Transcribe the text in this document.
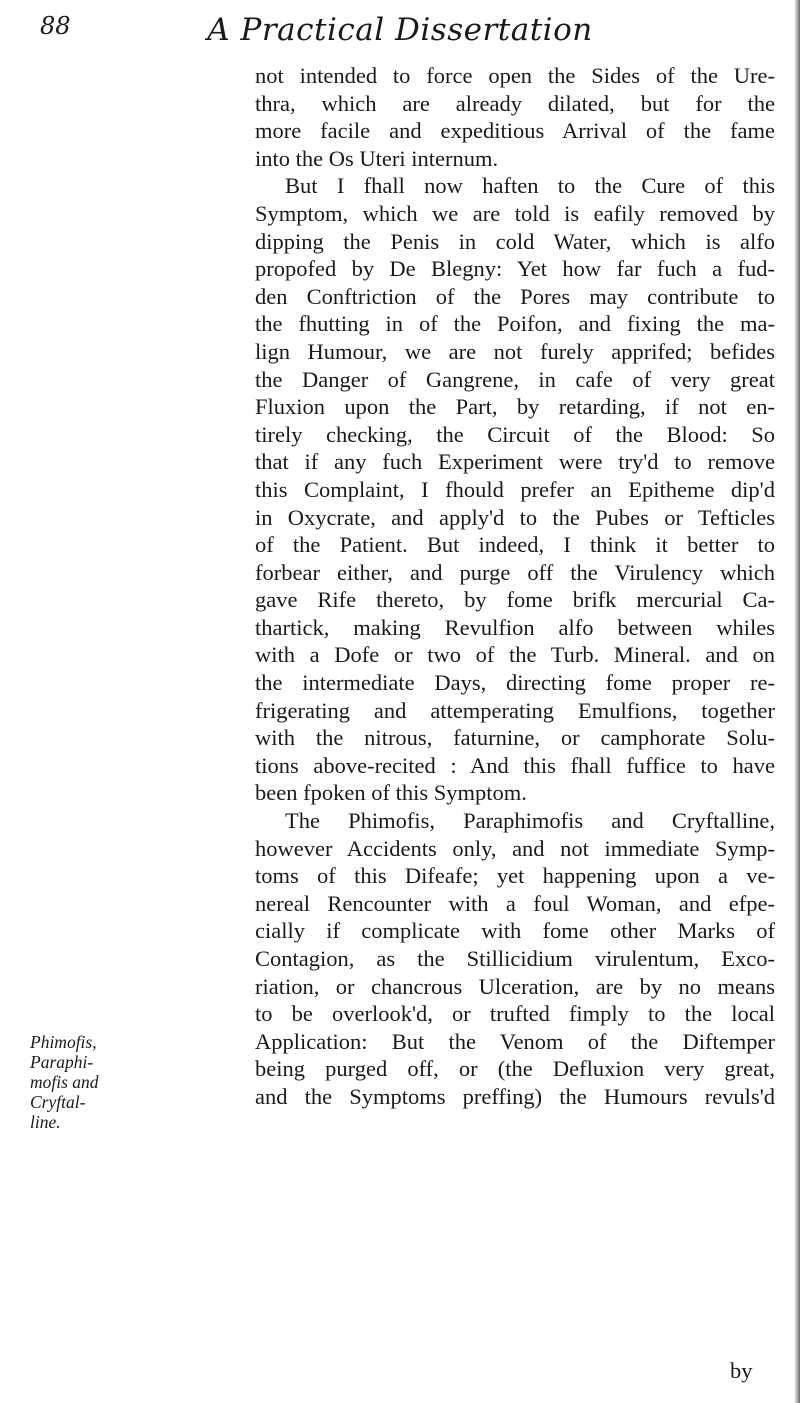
88	A Practical Dissertation
Phimofis,
Paraphi-
mofis and
Cryftal-
line.
not intended to force open the Sides of the Ure-
thra, which are already dilated, but for the
more facile and expeditious Arrival of the fame
into the Os Uteri internum.
But I fhall now haften to the Cure of this
Symptom, which we are told is eafily removed by
dipping the Penis in cold Water, which is alfo
propofed by De Blegny: Yet how far fuch a fud-
den Conftriction of the Pores may contribute to
the fhutting in of the Poifon, and fixing the ma-
lign Humour, we are not furely apprifed; befides
the Danger of Gangrene, in cafe of very great
Fluxion upon the Part, by retarding, if not en-
tirely checking, the Circuit of the Blood: So
that if any fuch Experiment were try'd to remove
this Complaint, I fhould prefer an Epitheme dip'd
in Oxycrate, and apply'd to the Pubes or Tefticles
of the Patient. But indeed, I think it better to
forbear either, and purge off the Virulency which
gave Rife thereto, by fome brifk mercurial Ca-
thartick, making Revulfion alfo between whiles
with a Dofe or two of the Turb. Mineral. and on
the intermediate Days, directing fome proper re-
frigerating and attemperating Emulfions, together
with the nitrous, faturnine, or camphorate Solu-
tions above-recited : And this fhall fuffice to have
been fpoken of this Symptom.
The Phimofis, Paraphimofis and Cryftalline,
however Accidents only, and not immediate Symp-
toms of this Difeafe; yet happening upon a ve-
nereal Rencounter with a foul Woman, and efpe-
cially if complicate with fome other Marks of
Contagion, as the Stillicidium virulentum, Exco-
riation, or chancrous Ulceration, are by no means
to be overlook'd, or trufted fimply to the local
Application: But the Venom of the Diftemper
being purged off, or (the Defluxion very great,
and the Symptoms preffing) the Humours revuls'd
by
